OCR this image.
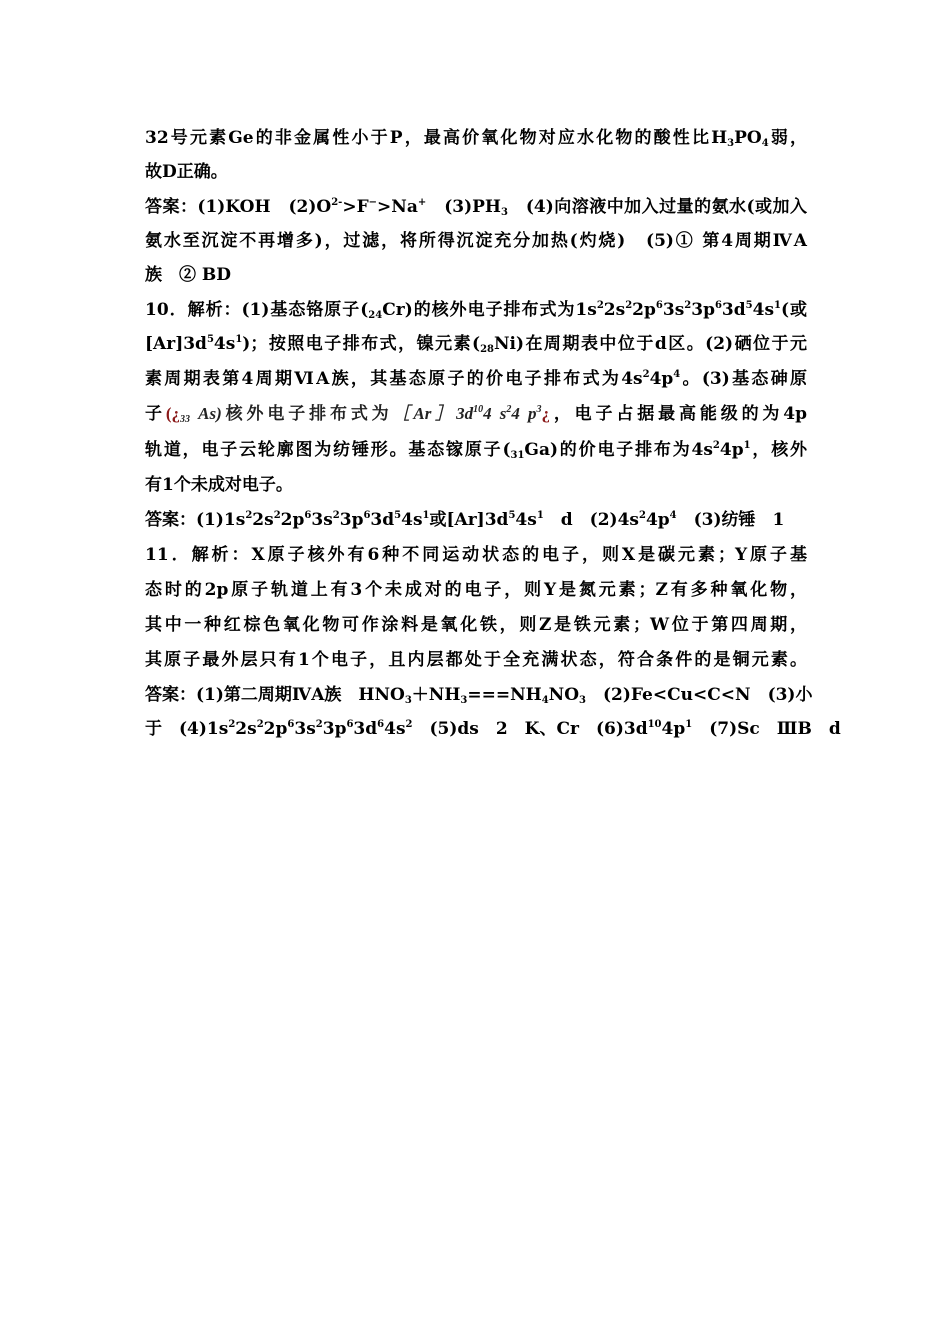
32号元素Ge的非金属性小于P，最高价氧化物对应水化物的酸性比$H_3PO_4$弱，
故D正确。
答案：(1)KOH　$(2)O^{2-}>F^->Na^+$　$(3)PH_3$　(4)向溶液中加入过量的氨水(或加入
氨水至沉淀不再增多)，过滤，将所得沉淀充分加热(灼烧)　(5)① 第4周期ⅣA
族　② BD
10．解析：(1)基态铬原子$(_{24}Cr)$的核外电子排布式为$1s^22s^22p^63s^23p^63d^54s^1$(或
$[Ar]3d^54s^1$)；按照电子排布式，镍元素$(_{28}Ni)$在周期表中位于d区。(2)硒位于元
素周期表第4周期ⅥA族，其基态原子的价电子排布式为$4s^24p^4$。(3)基态砷原
子(¿$_{33}$ As)核外电子排布式为$[Ar]3d^{10}4$ $s^24$ $p^3¿$，电子占据最高能级的为4p
轨道，电子云轮廓图为纺锤形。基态镓原子$(_{31}Ga)$的价电子排布为$4s^24p^1$，核外
有1个未成对电子。
答案：$(1)1s^22s^22p^63s^23p^63d^54s^1$或$[Ar]3d^54s^1$　d　$(2)4s^24p^4$　(3)纺锤　1
11．解析：X原子核外有6种不同运动状态的电子，则X是碳元素；Y原子基
态时的2p原子轨道上有3个未成对的电子，则Y是氮元素；Z有多种氧化物，
其中一种红棕色氧化物可作涂料是氧化铁，则Z是铁元素；W位于第四周期，
其原子最外层只有1个电子，且内层都处于全充满状态，符合条件的是铜元素。
答案：(1)第二周期ⅣA族　$HNO_3+NH_3===NH_4NO_3$　(2)Fe<Cu<C<N　(3)小
于　$(4)1s^22s^22p^63s^23p^63d^64s^2$　(5)ds　2　K、Cr　$(6)3d^{10}4p^1$　(7)Sc　ⅢB　d
